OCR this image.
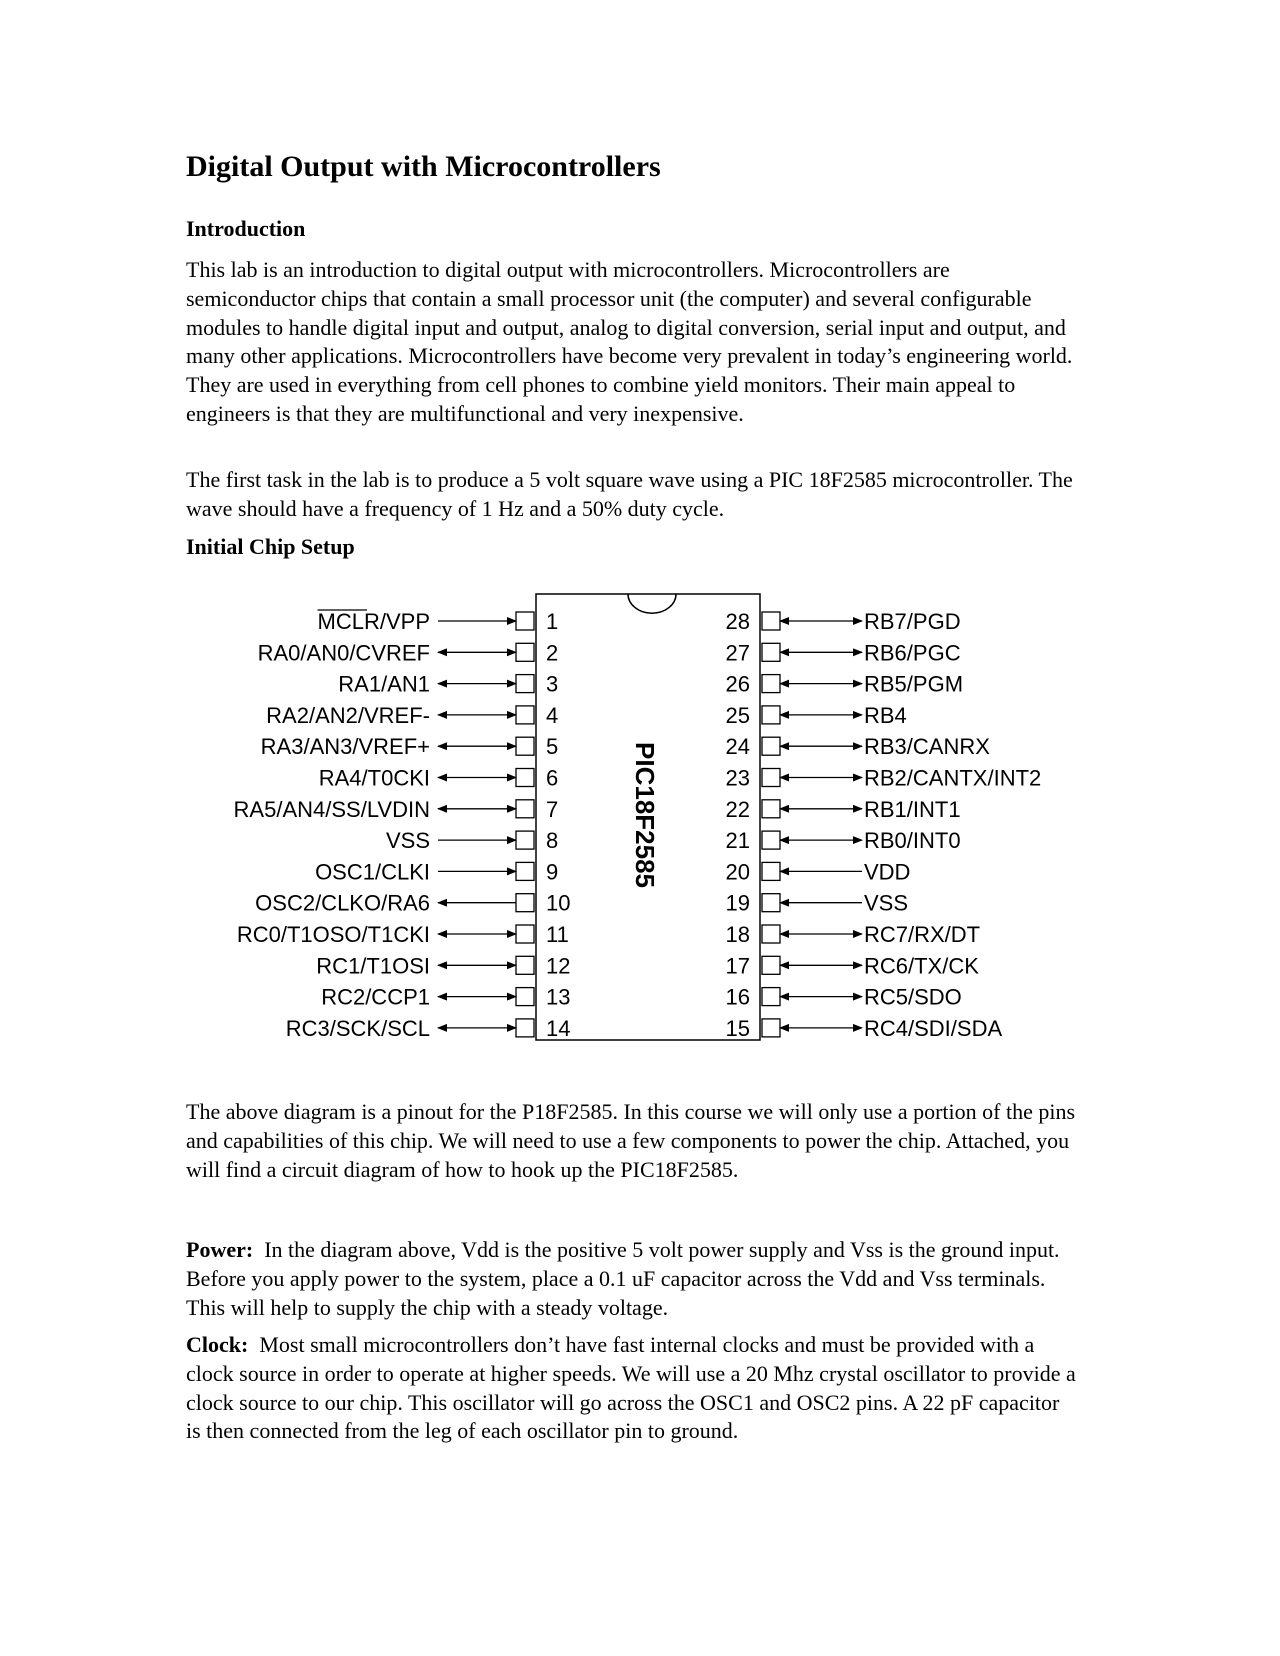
Digital Output with Microcontrollers
Introduction

This lab is an introduction to digital output with microcontrollers. Microcontrollers are semiconductor chips that contain a small processor unit (the computer) and several configurable modules to handle digital input and output, analog to digital conversion, serial input and output, and many other applications. Microcontrollers have become very prevalent in today’s engineering world. They are used in everything from cell phones to combine yield monitors. Their main appeal to engineers is that they are multifunctional and very inexpensive.

The first task in the lab is to produce a 5 volt square wave using a PIC 18F2585 microcontroller. The wave should have a frequency of 1 Hz and a 50% duty cycle.

Initial Chip Setup
PIC18F2585
MCLR/VPP	1
RA0/AN0/CVREF	2
RA1/AN1	3
RA2/AN2/VREF-	4
RA3/AN3/VREF+	5
RA4/T0CKI	6
RA5/AN4/SS/LVDIN	7
VSS	8
OSC1/CLKI	9
OSC2/CLKO/RA6	10
RC0/T1OSO/T1CKI	11
RC1/T1OSI	12
RC2/CCP1	13
RC3/SCK/SCL	14
28	RB7/PGD
27	RB6/PGC
26	RB5/PGM
25	RB4
24	RB3/CANRX
23	RB2/CANTX/INT2
22	RB1/INT1
21	RB0/INT0
20	VDD
19	VSS
18	RC7/RX/DT
17	RC6/TX/CK
16	RC5/SDO
15	RC4/SDI/SDA

The above diagram is a pinout for the P18F2585. In this course we will only use a portion of the pins and capabilities of this chip. We will need to use a few components to power the chip. Attached, you will find a circuit diagram of how to hook up the PIC18F2585.

Power: In the diagram above, Vdd is the positive 5 volt power supply and Vss is the ground input. Before you apply power to the system, place a 0.1 uF capacitor across the Vdd and Vss terminals. This will help to supply the chip with a steady voltage.

Clock: Most small microcontrollers don’t have fast internal clocks and must be provided with a clock source in order to operate at higher speeds. We will use a 20 Mhz crystal oscillator to provide a clock source to our chip. This oscillator will go across the OSC1 and OSC2 pins. A 22 pF capacitor is then connected from the leg of each oscillator pin to ground.
